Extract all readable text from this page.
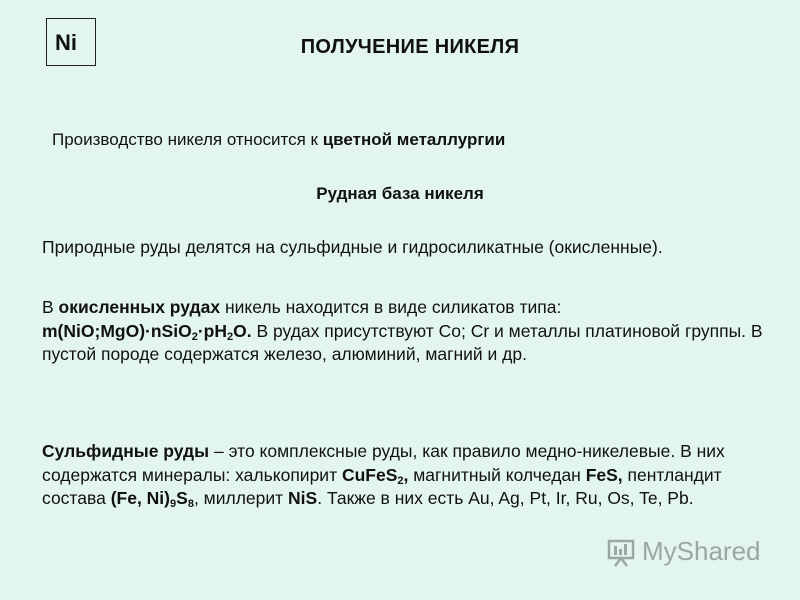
Ni	ПОЛУЧЕНИЕ НИКЕЛЯ
Производство никеля относится к цветной металлургии
Рудная база никеля
Природные руды делятся на сульфидные и гидросиликатные (окисленные).
В окисленных рудах никель находится в виде силикатов типа:
$m(NiO;MgO)\cdot nSiO_2\cdot pH_2O$. В рудах присутствуют Co; Cr и металлы платиновой группы. В пустой породе содержатся железо, алюминий, магний и др.
Сульфидные руды – это комплексные руды, как правило медно-никелевые. В них содержатся минералы: халькопирит CuFeS$_2$, магнитный колчедан FeS, пентландит состава (Fe, $Ni)_9S_8$, миллерит NiS. Также в них есть Au, Ag, Pt, Ir, Ru, Os, Te, Pb.
MyShared
